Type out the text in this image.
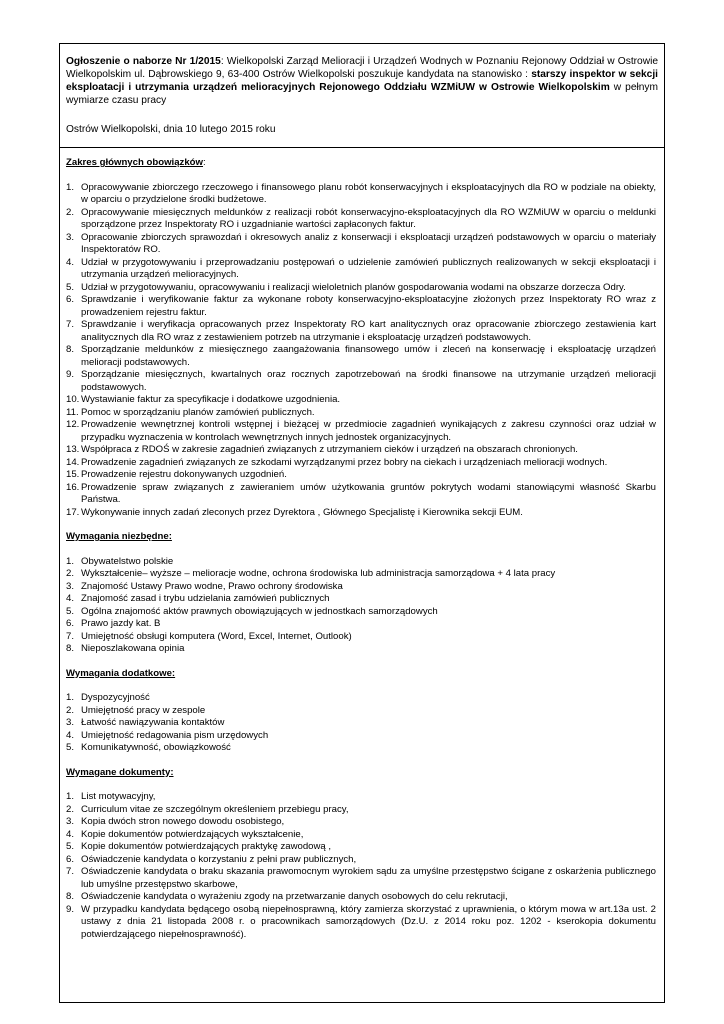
Ogłoszenie o naborze Nr 1/2015: Wielkopolski Zarząd Melioracji i Urządzeń Wodnych w Poznaniu Rejonowy Oddział w Ostrowie Wielkopolskim ul. Dąbrowskiego 9, 63-400 Ostrów Wielkopolski poszukuje kandydata na stanowisko : starszy inspektor w sekcji eksploatacji i utrzymania urządzeń melioracyjnych Rejonowego Oddziału WZMiUW w Ostrowie Wielkopolskim w pełnym wymiarze czasu pracy
Ostrów Wielkopolski, dnia 10 lutego 2015 roku
Zakres głównych obowiązków:
1. Opracowywanie zbiorczego rzeczowego i finansowego planu robót konserwacyjnych i eksploatacyjnych dla RO w podziale na obiekty, w oparciu o przydzielone środki budżetowe.
2. Opracowywanie miesięcznych meldunków z realizacji robót konserwacyjno-eksploatacyjnych dla RO WZMiUW w oparciu o meldunki sporządzone przez Inspektoraty RO i uzgadnianie wartości zapłaconych faktur.
3. Opracowanie zbiorczych sprawozdań i okresowych analiz z konserwacji i eksploatacji urządzeń podstawowych w oparciu o materiały Inspektoratów RO.
4. Udział w przygotowywaniu i przeprowadzaniu postępowań o udzielenie zamówień publicznych realizowanych w sekcji eksploatacji i utrzymania urządzeń melioracyjnych.
5. Udział w przygotowywaniu, opracowywaniu i realizacji wieloletnich planów gospodarowania wodami na obszarze dorzecza Odry.
6. Sprawdzanie i weryfikowanie faktur za wykonane roboty konserwacyjno-eksploatacyjne złożonych przez Inspektoraty RO wraz z prowadzeniem rejestru faktur.
7. Sprawdzanie i weryfikacja opracowanych przez Inspektoraty RO kart analitycznych oraz opracowanie zbiorczego zestawienia kart analitycznych dla RO wraz z zestawieniem potrzeb na utrzymanie i eksploatację urządzeń podstawowych.
8. Sporządzanie meldunków z miesięcznego zaangażowania finansowego umów i zleceń na konserwację i eksploatację urządzeń melioracji podstawowych.
9. Sporządzanie miesięcznych, kwartalnych oraz rocznych zapotrzebowań na środki finansowe na utrzymanie urządzeń melioracji podstawowych.
10. Wystawianie faktur za specyfikacje i dodatkowe uzgodnienia.
11. Pomoc w sporządzaniu planów zamówień publicznych.
12. Prowadzenie wewnętrznej kontroli wstępnej i bieżącej w przedmiocie zagadnień wynikających z zakresu czynności oraz udział w przypadku wyznaczenia w kontrolach wewnętrznych innych jednostek organizacyjnych.
13. Współpraca z RDOŚ w zakresie zagadnień związanych z utrzymaniem cieków i urządzeń na obszarach chronionych.
14. Prowadzenie zagadnień związanych ze szkodami wyrządzanymi przez bobry na ciekach i urządzeniach melioracji wodnych.
15. Prowadzenie rejestru dokonywanych uzgodnień.
16. Prowadzenie spraw związanych z zawieraniem umów użytkowania gruntów pokrytych wodami stanowiącymi własność Skarbu Państwa.
17. Wykonywanie innych zadań zleconych przez Dyrektora , Głównego Specjalistę i Kierownika sekcji EUM.
Wymagania niezbędne:
1. Obywatelstwo polskie
2. Wykształcenie– wyższe – melioracje wodne, ochrona środowiska lub administracja samorządowa + 4 lata pracy
3. Znajomość Ustawy Prawo wodne, Prawo ochrony środowiska
4. Znajomość zasad i trybu udzielania zamówień publicznych
5. Ogólna znajomość aktów prawnych obowiązujących w jednostkach samorządowych
6. Prawo jazdy kat. B
7. Umiejętność obsługi komputera (Word, Excel, Internet, Outlook)
8. Nieposzlakowana opinia
Wymagania dodatkowe:
1. Dyspozycyjność
2. Umiejętność pracy w zespole
3. Łatwość nawiązywania kontaktów
4. Umiejętność redagowania pism urzędowych
5. Komunikatywność, obowiązkowość
Wymagane dokumenty:
1. List motywacyjny,
2. Curriculum vitae ze szczególnym określeniem przebiegu pracy,
3. Kopia dwóch stron nowego dowodu osobistego,
4. Kopie dokumentów potwierdzających wykształcenie,
5. Kopie dokumentów potwierdzających praktykę zawodową ,
6. Oświadczenie kandydata o korzystaniu z pełni praw publicznych,
7. Oświadczenie kandydata o braku skazania prawomocnym wyrokiem sądu za umyślne przestępstwo ścigane z oskarżenia publicznego lub umyślne przestępstwo skarbowe,
8. Oświadczenie kandydata o wyrażeniu zgody na przetwarzanie danych osobowych do celu rekrutacji,
9. W przypadku kandydata będącego osobą niepełnosprawną, który zamierza skorzystać z uprawnienia, o którym mowa w art.13a ust. 2 ustawy z dnia 21 listopada 2008 r. o pracownikach samorządowych (Dz.U. z 2014 roku poz. 1202 - kserokopia dokumentu potwierdzającego niepełnosprawność).
